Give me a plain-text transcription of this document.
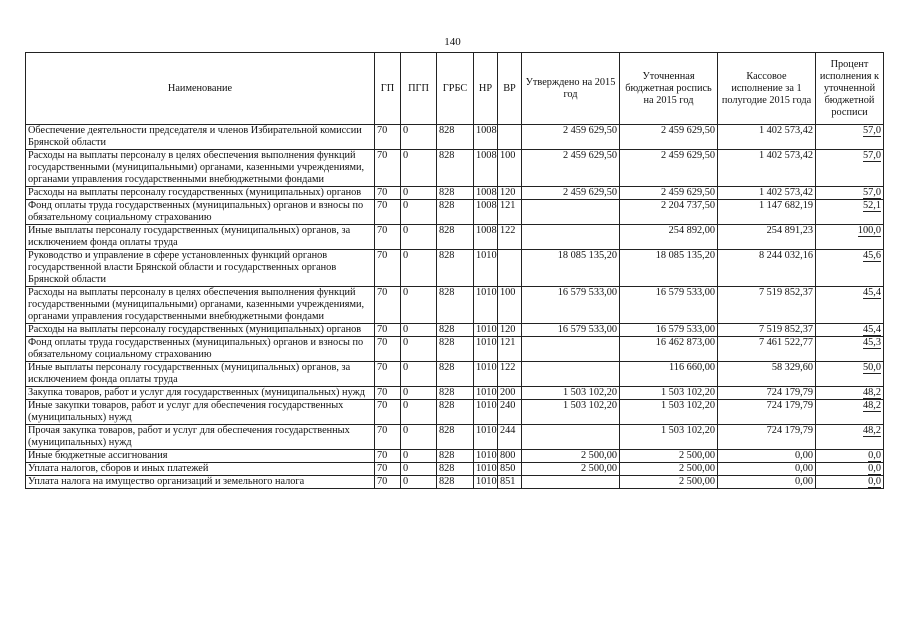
140
Наименование	ГП	ПГП	ГРБС	НР	ВР	Утверждено на 2015 год	Уточненная бюджетная роспись на 2015 год	Кассовое исполнение за 1 полугодие 2015 года	Процент исполнения к уточненной бюджетной росписи
Обеспечение деятельности председателя и членов Избирательной комиссии Брянской области	70	0	828	1008		2 459 629,50	2 459 629,50	1 402 573,42	57,0
Расходы на выплаты персоналу в целях обеспечения выполнения функций государственными (муниципальными) органами, казенными учреждениями, органами управления государственными внебюджетными фондами	70	0	828	1008	100	2 459 629,50	2 459 629,50	1 402 573,42	57,0
Расходы на выплаты персоналу государственных (муниципальных) органов	70	0	828	1008	120	2 459 629,50	2 459 629,50	1 402 573,42	57,0
Фонд оплаты труда государственных (муниципальных) органов и взносы по обязательному социальному страхованию	70	0	828	1008	121		2 204 737,50	1 147 682,19	52,1
Иные выплаты персоналу государственных (муниципальных) органов, за исключением фонда оплаты труда	70	0	828	1008	122		254 892,00	254 891,23	100,0
Руководство и управление в сфере установленных функций органов государственной власти Брянской области и государственных органов Брянской области	70	0	828	1010		18 085 135,20	18 085 135,20	8 244 032,16	45,6
Расходы на выплаты персоналу в целях обеспечения выполнения функций государственными (муниципальными) органами, казенными учреждениями, органами управления государственными внебюджетными фондами	70	0	828	1010	100	16 579 533,00	16 579 533,00	7 519 852,37	45,4
Расходы на выплаты персоналу государственных (муниципальных) органов	70	0	828	1010	120	16 579 533,00	16 579 533,00	7 519 852,37	45,4
Фонд оплаты труда государственных (муниципальных) органов и взносы по обязательному социальному страхованию	70	0	828	1010	121		16 462 873,00	7 461 522,77	45,3
Иные выплаты персоналу государственных (муниципальных) органов, за исключением фонда оплаты труда	70	0	828	1010	122		116 660,00	58 329,60	50,0
Закупка товаров, работ и услуг для государственных (муниципальных) нужд	70	0	828	1010	200	1 503 102,20	1 503 102,20	724 179,79	48,2
Иные закупки товаров, работ и услуг для обеспечения государственных (муниципальных) нужд	70	0	828	1010	240	1 503 102,20	1 503 102,20	724 179,79	48,2
Прочая закупка товаров, работ и услуг для обеспечения государственных (муниципальных) нужд	70	0	828	1010	244		1 503 102,20	724 179,79	48,2
Иные бюджетные ассигнования	70	0	828	1010	800	2 500,00	2 500,00	0,00	0,0
Уплата налогов, сборов и иных платежей	70	0	828	1010	850	2 500,00	2 500,00	0,00	0,0
Уплата налога на имущество организаций и земельного налога	70	0	828	1010	851		2 500,00	0,00	0,0
